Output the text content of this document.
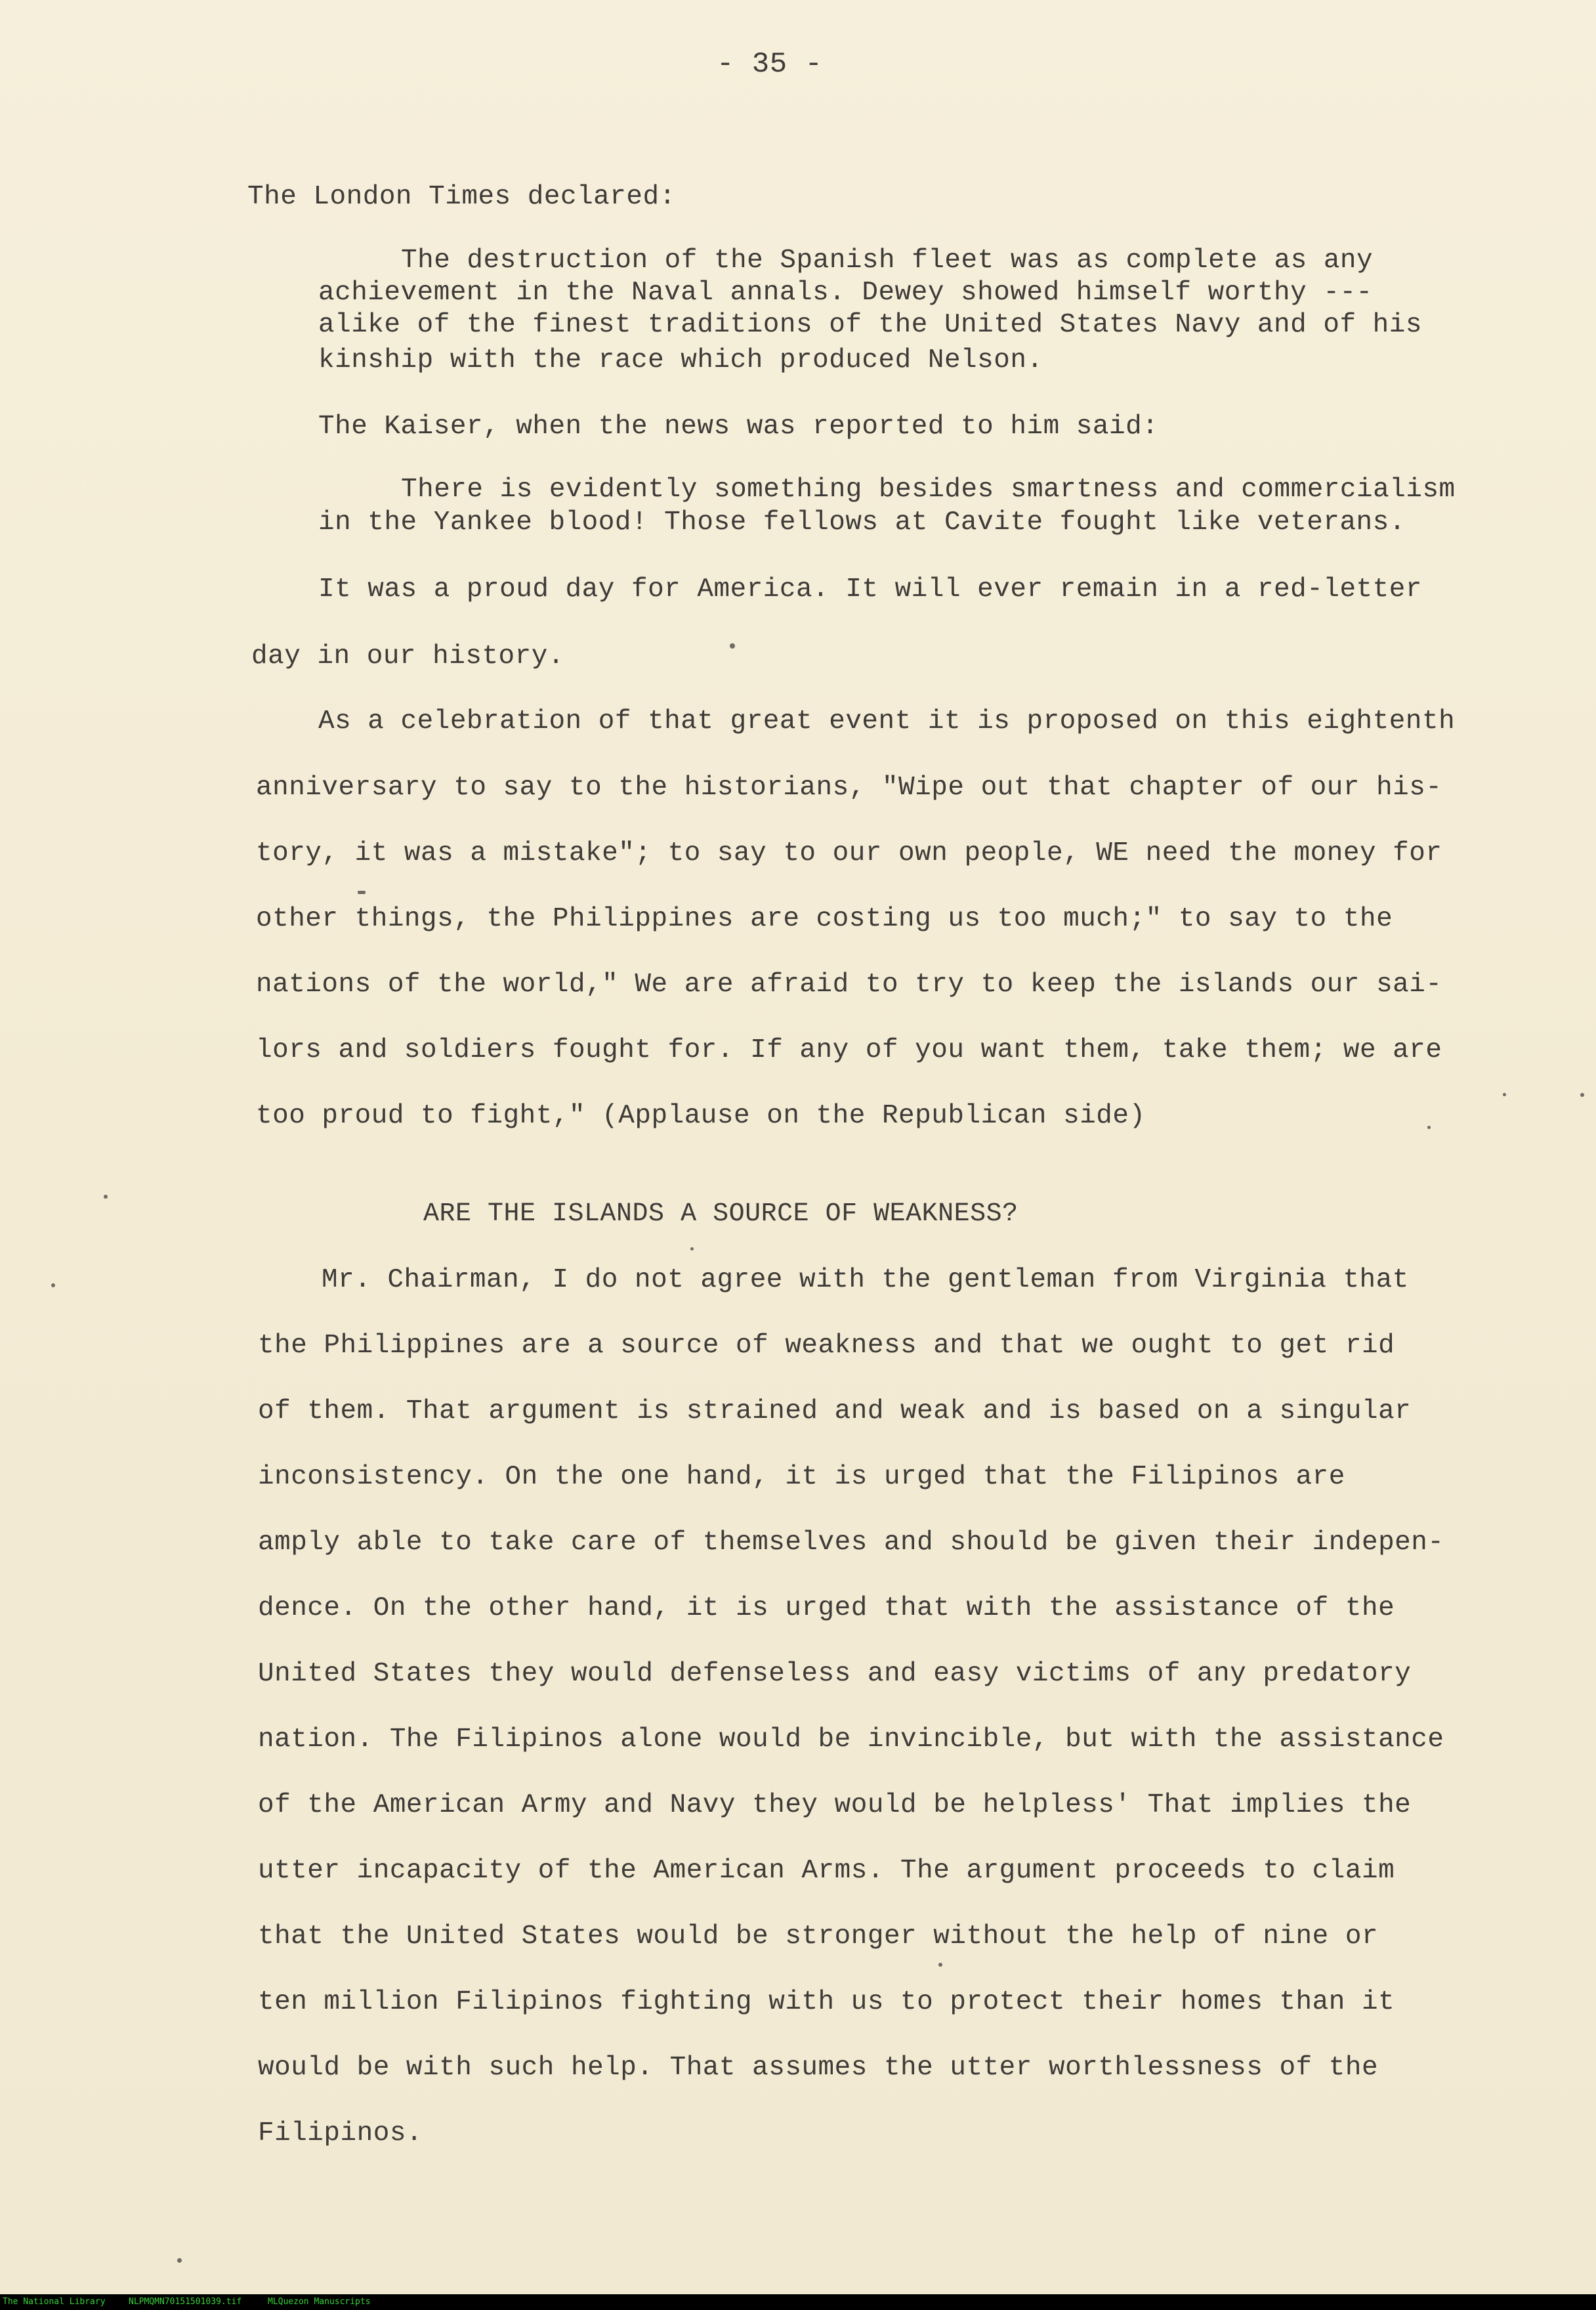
- 35 -
The London Times declared:
The destruction of the Spanish fleet was as complete as any
achievement in the Naval annals. Dewey showed himself worthy ---
alike of the finest traditions of the United States Navy and of his
kinship with the race which produced Nelson.
The Kaiser, when the news was reported to him said:
There is evidently something besides smartness and commercialism
in the Yankee blood! Those fellows at Cavite fought like veterans.
It was a proud day for America. It will ever remain in a red-letter
day in our history.
As a celebration of that great event it is proposed on this eightenth
anniversary to say to the historians, "Wipe out that chapter of our his-
tory, it was a mistake"; to say to our own people, WE need the money for
other things, the Philippines are costing us too much;" to say to the
nations of the world," We are afraid to try to keep the islands our sai-
lors and soldiers fought for. If any of you want them, take them; we are
too proud to fight," (Applause on the Republican side)
ARE THE ISLANDS A SOURCE OF WEAKNESS?
Mr. Chairman, I do not agree with the gentleman from Virginia that
the Philippines are a source of weakness and that we ought to get rid
of them. That argument is strained and weak and is based on a singular
inconsistency. On the one hand, it is urged that the Filipinos are
amply able to take care of themselves and should be given their indepen-
dence. On the other hand, it is urged that with the assistance of the
United States they would defenseless and easy victims of any predatory
nation. The Filipinos alone would be invincible, but with the assistance
of the American Army and Navy they would be helpless' That implies the
utter incapacity of the American Arms. The argument proceeds to claim
that the United States would be stronger without the help of nine or
ten million Filipinos fighting with us to protect their homes than it
would be with such help. That assumes the utter worthlessness of the
Filipinos.
The National Library	NLPMQMN70151501039.tif	MLQuezon Manuscripts
